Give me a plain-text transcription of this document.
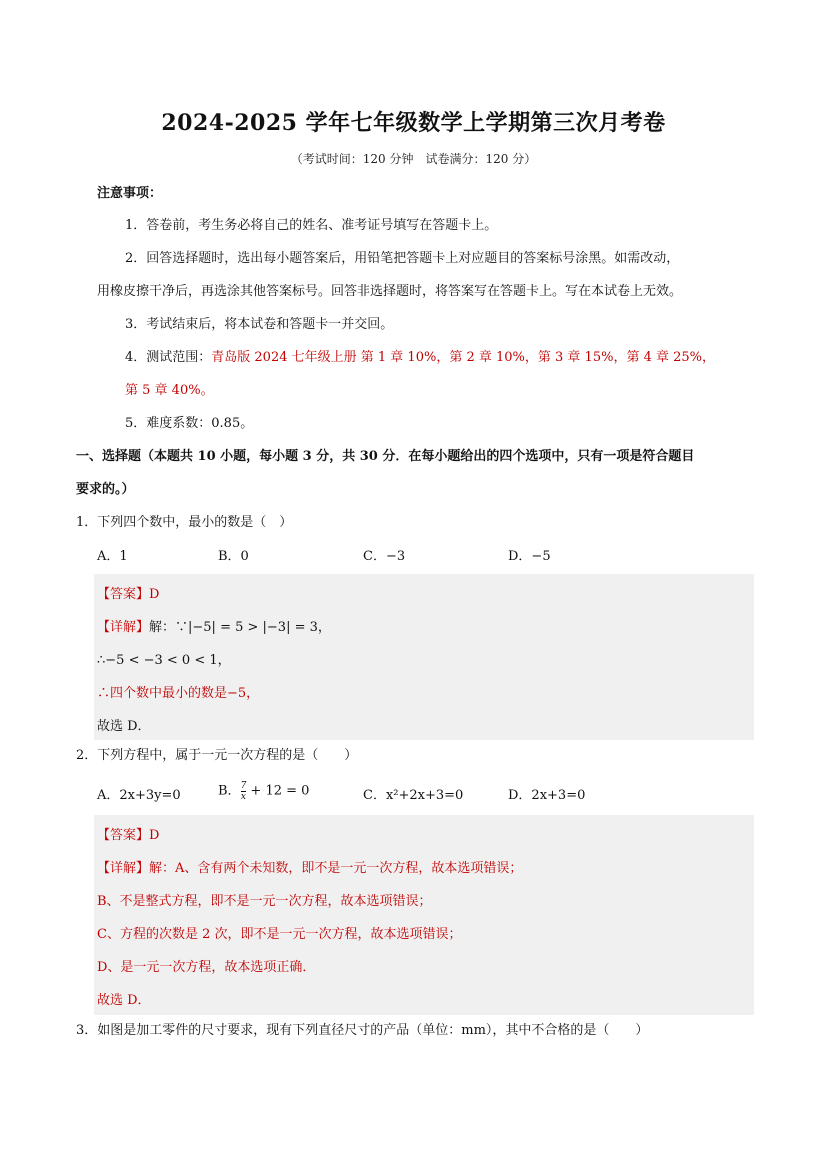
2024-2025 学年七年级数学上学期第三次月考卷
（考试时间：120 分钟　试卷满分：120 分）
注意事项：
1．答卷前，考生务必将自己的姓名、准考证号填写在答题卡上。
2．回答选择题时，选出每小题答案后，用铅笔把答题卡上对应题目的答案标号涂黑。如需改动，
用橡皮擦干净后，再选涂其他答案标号。回答非选择题时，将答案写在答题卡上。写在本试卷上无效。
3．考试结束后，将本试卷和答题卡一并交回。
4．测试范围：青岛版 2024 七年级上册 第 1 章 10%，第 2 章 10%，第 3 章 15%，第 4 章 25%，
第 5 章 40%。
5．难度系数：0.85。
一、选择题（本题共 10 小题，每小题 3 分，共 30 分．在每小题给出的四个选项中，只有一项是符合题目
要求的。）
1．下列四个数中，最小的数是（　）
A．1	B．0	C．−3	D．−5
【答案】D
【详解】解：∵|−5| = 5 > |−3| = 3，
∴−5 < −3 < 0 < 1，
∴四个数中最小的数是−5，
故选 D．
2．下列方程中，属于一元一次方程的是（　　）
A．2x+3y=0	B． $\frac{7}{x} + 12 = 0$	C．x²+2x+3=0	D．2x+3=0
【答案】D
【详解】解：A、含有两个未知数，即不是一元一次方程，故本选项错误；
B、不是整式方程，即不是一元一次方程，故本选项错误；
C、方程的次数是 2 次，即不是一元一次方程，故本选项错误；
D、是一元一次方程，故本选项正确．
故选 D．
3．如图是加工零件的尺寸要求，现有下列直径尺寸的产品（单位：mm），其中不合格的是（　　）
